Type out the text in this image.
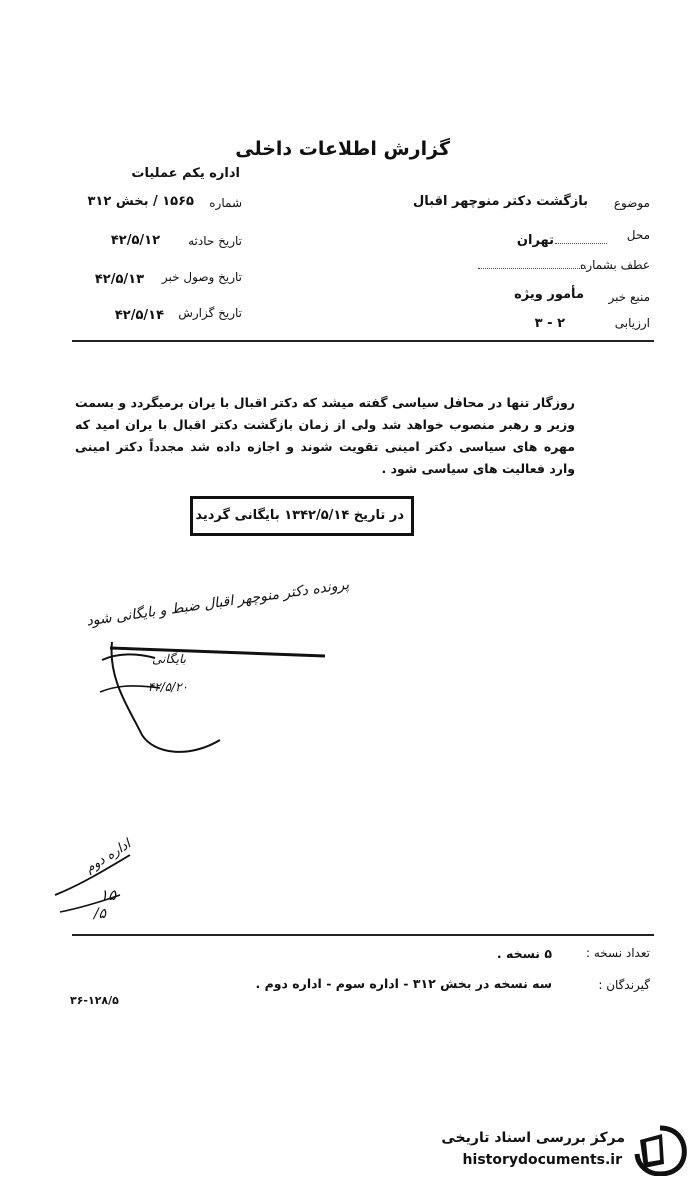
گزارش اطلاعات داخلی
اداره یکم عملیات
موضوع
بازگشت دکتر منوچهر اقبال
محل
تهران
عطف بشماره
منبع خبر
مأمور ویژه
ارزیابی
۲ - ۳
شماره
۱۵۶۵ / بخش ۳۱۲
تاریخ حادثه
۴۲/۵/۱۲
تاریخ وصول خبر
۴۲/۵/۱۳
تاریخ گزارش
۴۲/۵/۱۴
روزگار تنها در محافل سیاسی گفته میشد که دکتر اقبال با یران برمیگردد و بسمت وزیر و رهبر منصوب خواهد شد ولی از زمان بازگشت دکتر اقبال با یران امید که مهره های سیاسی دکتر امینی تقویت شوند و اجازه داده شد مجدداً دکتر امینی وارد فعالیت های سیاسی شود .
در تاریخ ۱۳۴۲/۵/۱۴ بایگانی گردید
پرونده دکتر منوچهر اقبال ضبط و بایگانی شود
بایگانی
۴۲/۵/۲۰
اداره دوم
۱۵
۵/
تعداد نسخه :
۵ نسخه .
گیرندگان :
سه نسخه در بخش ۳۱۲ - اداره سوم - اداره دوم .
۳۶-۱۲۸/۵
مرکز بررسی اسناد تاریخی
historydocuments.ir
